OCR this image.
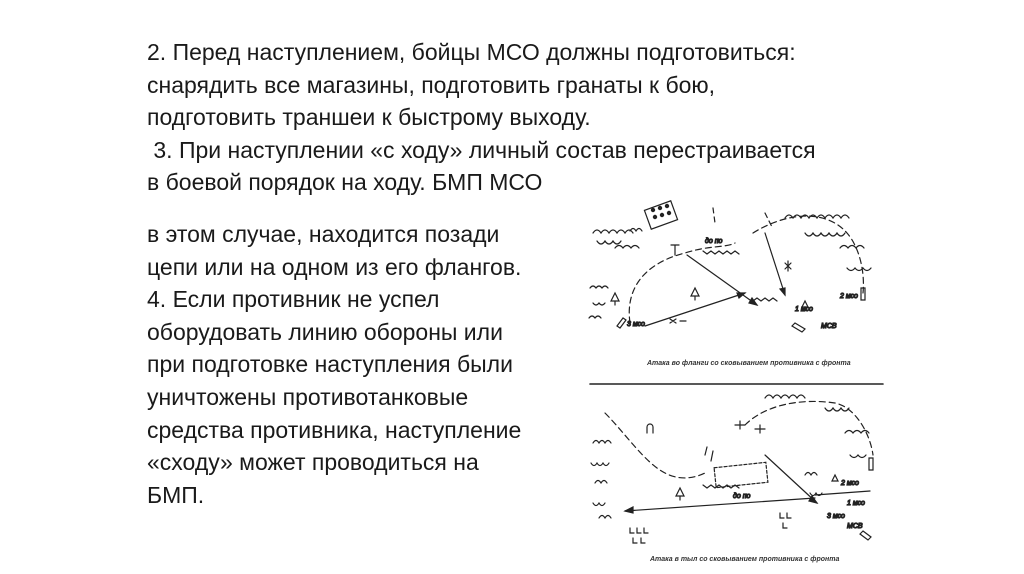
2. Перед наступлением, бойцы МСО должны подготовиться:
снарядить все магазины, подготовить гранаты к бою,
подготовить траншеи к быстрому выходу.

3. При наступлении «с ходу» личный состав перестраивается
в боевой порядок на ходу. БМП МСО

в этом случае, находится позади
цепи или на одном из его флангов.
4. Если противник не успел
оборудовать линию обороны или
при подготовке наступления были
уничтожены противотанковые
средства противника, наступление
«сходу» может проводиться на
БМП.

до по
МСВ
1 мсо
2 мсо
3 мсо
Атака во фланги со сковыванием противника с фронта
до по
МСВ
1 мсо
2 мсо
3 мсо
Атака в тыл со сковыванием противника с фронта
